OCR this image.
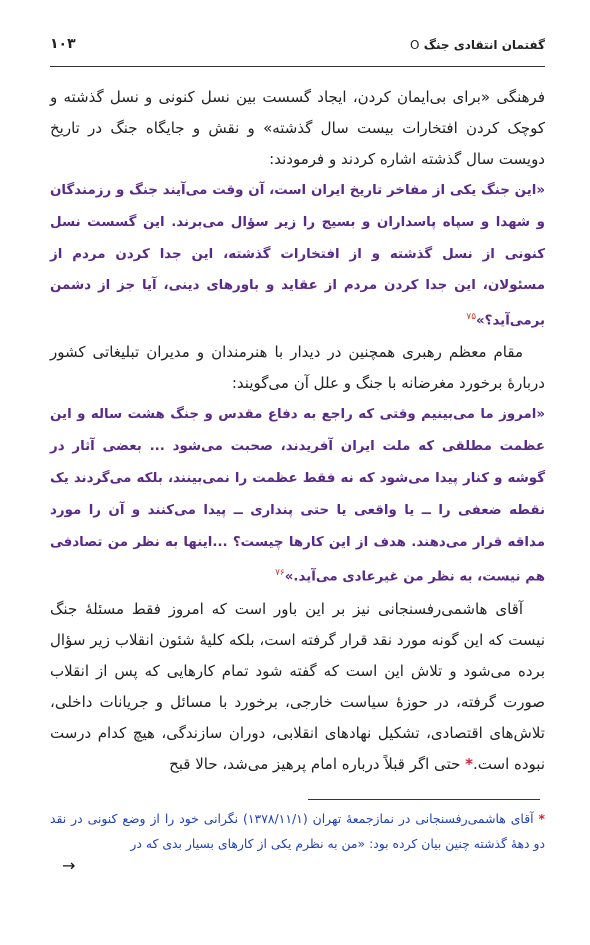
گفتمان انتقادی جنگ O
۱۰۳

فرهنگی «برای بی‌ایمان کردن، ایجاد گسست بین نسل کنونی و نسل گذشته و کوچک کردن افتخارات بیست سال گذشته» و نقش و جایگاه جنگ در تاریخ دویست سال گذشته اشاره کردند و فرمودند:

«این جنگ یکی از مفاخر تاریخ ایران است، آن وقت می‌آیند جنگ و رزمندگان و شهدا و سپاه پاسداران و بسیج را زیر سؤال می‌برند. این گسست نسل کنونی از نسل گذشته و از افتخارات گذشته، این جدا کردن مردم از مسئولان، این جدا کردن مردم از عقاید و باورهای دینی، آیا جز از دشمن برمی‌آید؟»$^{۷۵}$

مقام معظم رهبری همچنین در دیدار با هنرمندان و مدیران تبلیغاتی کشور دربارهٔ برخورد مغرضانه با جنگ و علل آن می‌گویند:

«امروز ما می‌بینیم وقتی که راجع به دفاع مقدس و جنگ هشت ساله و این عظمت مطلقی که ملت ایران آفریدند، صحبت می‌شود ... بعضی آثار در گوشه و کنار پیدا می‌شود که نه فقط عظمت را نمی‌بینند، بلکه می‌گردند یک نقطه ضعفی را ــ یا واقعی یا حتی پنداری ــ پیدا می‌کنند و آن را مورد مداقه قرار می‌دهند. هدف از این کارها چیست؟ ...اینها به نظر من تصادفی هم نیست، به نظر من غیرعادی می‌آید.»$^{۷۶}$

آقای هاشمی‌رفسنجانی نیز بر این باور است که امروز فقط مسئلهٔ جنگ نیست که این گونه مورد نقد قرار گرفته است، بلکه کلیهٔ شئون انقلاب زیر سؤال برده می‌شود و تلاش این است که گفته شود تمام کارهایی که پس از انقلاب صورت گرفته، در حوزهٔ سیاست خارجی، برخورد با مسائل و جریانات داخلی، تلاش‌های اقتصادی، تشکیل نهادهای انقلابی، دوران سازندگی، هیچ کدام درست نبوده است.* حتی اگر قبلاً درباره امام پرهیز می‌شد، حالا قبح

* آقای هاشمی‌رفسنجانی در نمازجمعهٔ تهران (۱۳۷۸/۱۱/۱) نگرانی خود را از وضع کنونی در نقد دو دههٔ گذشته چنین بیان کرده بود: «من به نظرم یکی از کارهای بسیار بدی که در
→
